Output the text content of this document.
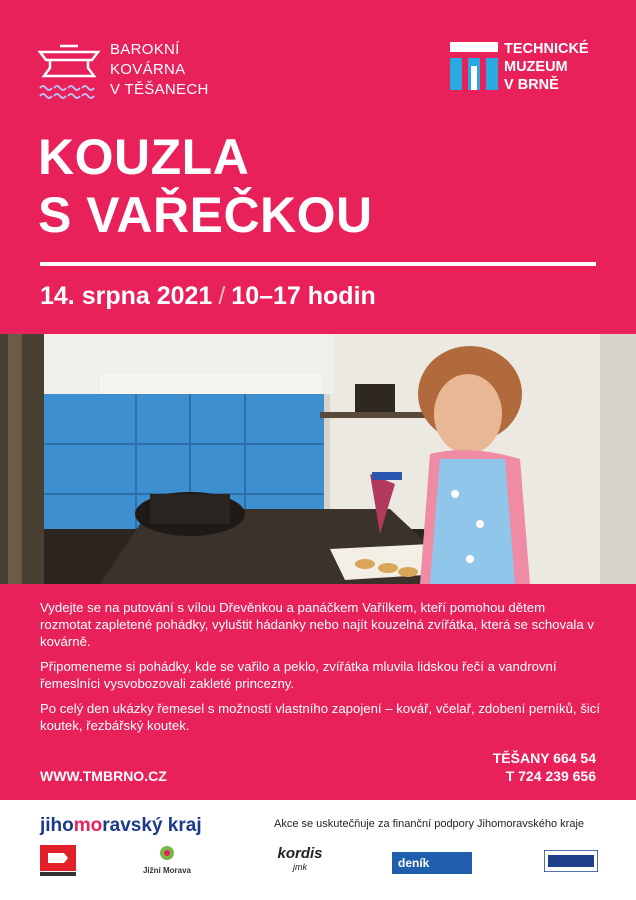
BAROKNÍ
KOVÁRNA
V TĚŠANECH
TECHNICKÉ
MUZEUM
V BRNĚ
KOUZLA
S VAŘEČKOU
14. srpna 2021 / 10–17 hodin

Vydejte se na putování s vílou Dřevěnkou a panáčkem Vařílkem, kteří pomohou dětem rozmotat zapletené pohádky, vyluštit hádanky nebo najít kouzelná zvířátka, která se schovala v kovárně.

Připomeneme si pohádky, kde se vařilo a peklo, zvířátka mluvila lidskou řečí a vandrovní řemeslníci vysvobozovali zakleté princezny.

Po celý den ukázky řemesel s možností vlastního zapojení – kovář, včelař, zdobení perníků, šicí koutek, řezbářský koutek.

WWW.TMBRNO.CZ
TĚŠANY 664 54
T 724 239 656
jihomoravský kraj	Akce se uskutečňuje za finanční podpory Jihomoravského kraje
Jižní Morava
kordis
jmk	deník
